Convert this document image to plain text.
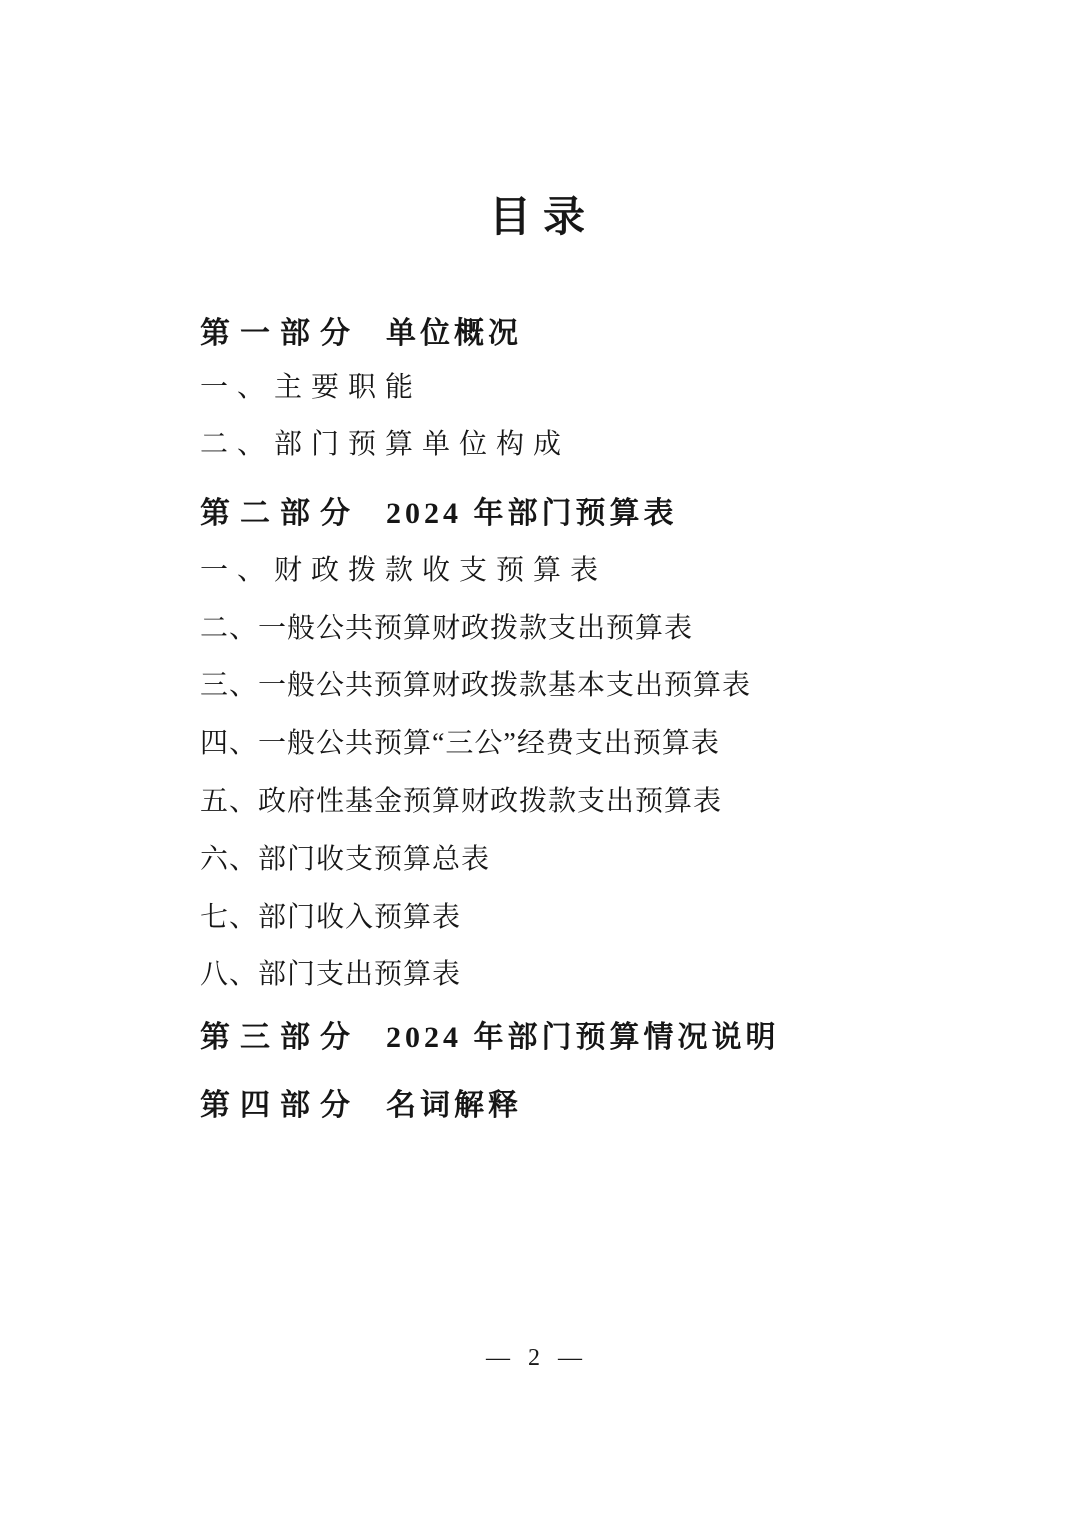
目录
第一部分 单位概况
一、主要职能
二、部门预算单位构成
第二部分 2024 年部门预算表
一、财政拨款收支预算表
二、一般公共预算财政拨款支出预算表
三、一般公共预算财政拨款基本支出预算表
四、一般公共预算“三公”经费支出预算表
五、政府性基金预算财政拨款支出预算表
六、部门收支预算总表
七、部门收入预算表
八、部门支出预算表
第三部分 2024 年部门预算情况说明
第四部分 名词解释
— 2 —
